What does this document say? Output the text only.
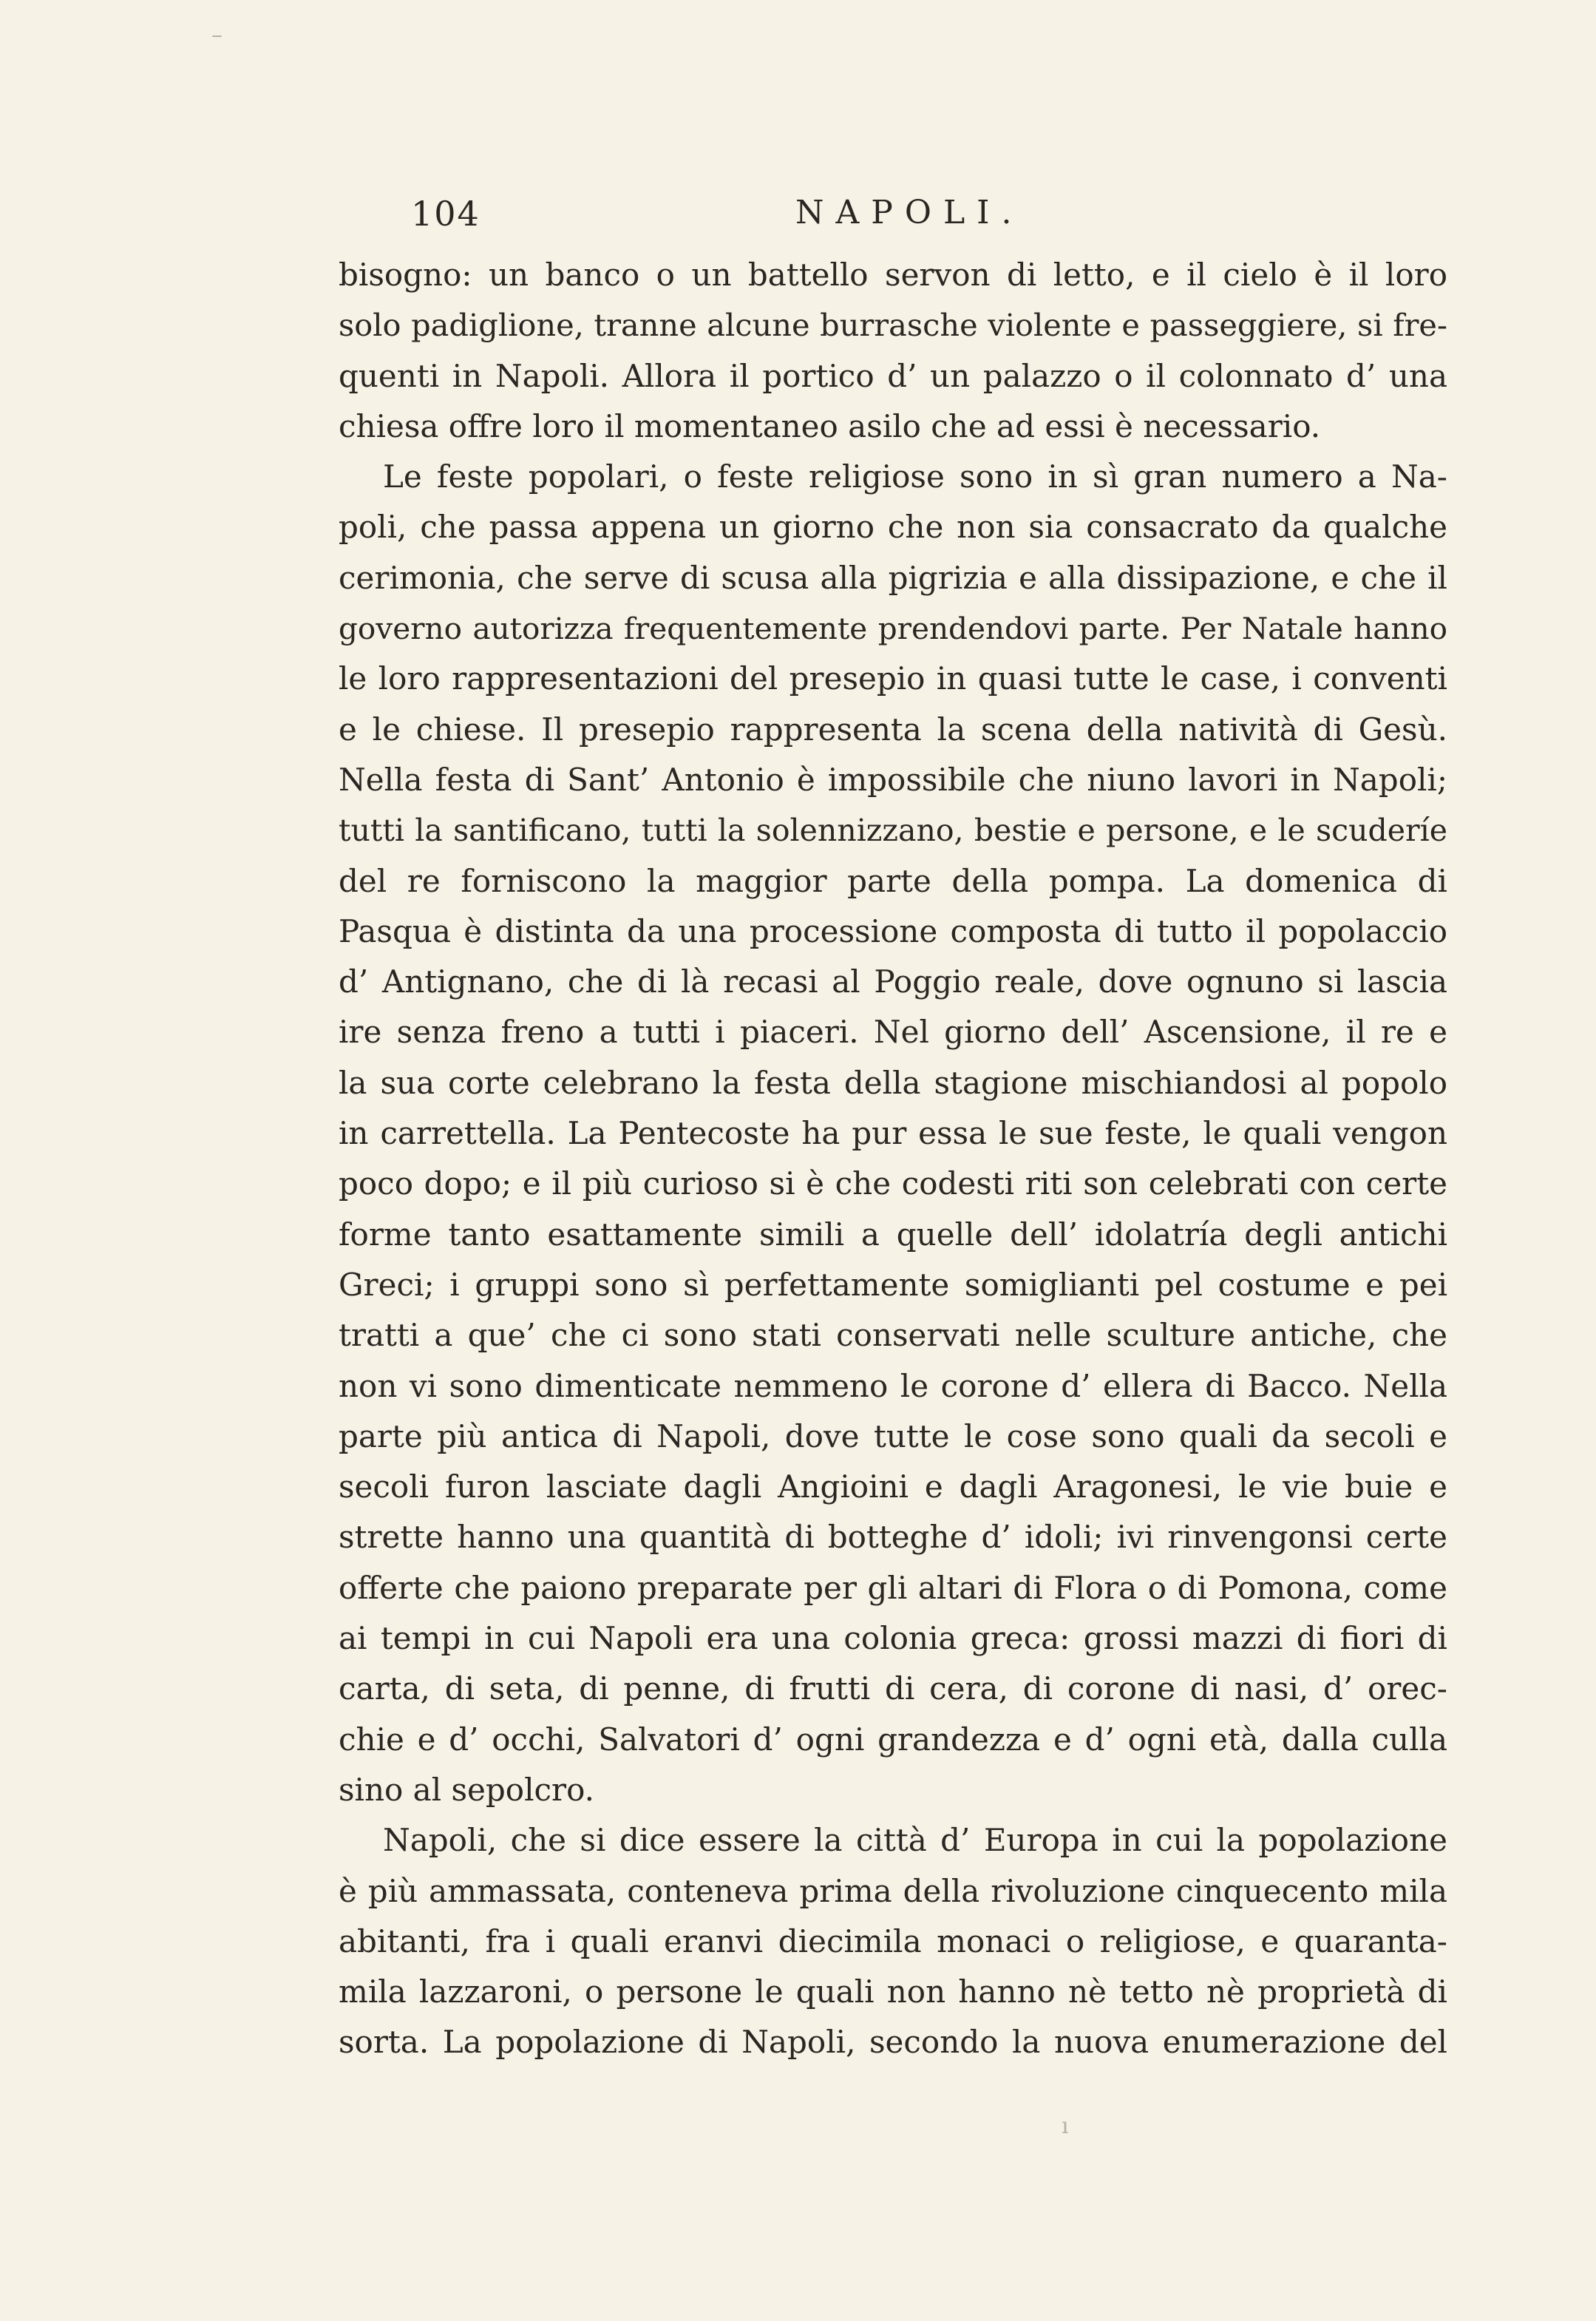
–
104	NAPOLI.
bisogno: un banco o un battello servon di letto, e il cielo è il loro
solo padiglione, tranne alcune burrasche violente e passeggiere, si fre-
quenti in Napoli. Allora il portico d’ un palazzo o il colonnato d’ una
chiesa offre loro il momentaneo asilo che ad essi è necessario.
Le feste popolari, o feste religiose sono in sì gran numero a Na-
poli, che passa appena un giorno che non sia consacrato da qualche
cerimonia, che serve di scusa alla pigrizia e alla dissipazione, e che il
governo autorizza frequentemente prendendovi parte. Per Natale hanno
le loro rappresentazioni del presepio in quasi tutte le case, i conventi
e le chiese. Il presepio rappresenta la scena della natività di Gesù.
Nella festa di Sant’ Antonio è impossibile che niuno lavori in Napoli;
tutti la santificano, tutti la solennizzano, bestie e persone, e le scuderíe
del re forniscono la maggior parte della pompa. La domenica di
Pasqua è distinta da una processione composta di tutto il popolaccio
d’ Antignano, che di là recasi al Poggio reale, dove ognuno si lascia
ire senza freno a tutti i piaceri. Nel giorno dell’ Ascensione, il re e
la sua corte celebrano la festa della stagione mischiandosi al popolo
in carrettella. La Pentecoste ha pur essa le sue feste, le quali vengon
poco dopo; e il più curioso si è che codesti riti son celebrati con certe
forme tanto esattamente simili a quelle dell’ idolatría degli antichi
Greci; i gruppi sono sì perfettamente somiglianti pel costume e pei
tratti a que’ che ci sono stati conservati nelle sculture antiche, che
non vi sono dimenticate nemmeno le corone d’ ellera di Bacco. Nella
parte più antica di Napoli, dove tutte le cose sono quali da secoli e
secoli furon lasciate dagli Angioini e dagli Aragonesi, le vie buie e
strette hanno una quantità di botteghe d’ idoli; ivi rinvengonsi certe
offerte che paiono preparate per gli altari di Flora o di Pomona, come
ai tempi in cui Napoli era una colonia greca: grossi mazzi di fiori di
carta, di seta, di penne, di frutti di cera, di corone di nasi, d’ orec-
chie e d’ occhi, Salvatori d’ ogni grandezza e d’ ogni età, dalla culla
sino al sepolcro.
Napoli, che si dice essere la città d’ Europa in cui la popolazione
è più ammassata, conteneva prima della rivoluzione cinquecento mila
abitanti, fra i quali eranvi diecimila monaci o religiose, e quaranta-
mila lazzaroni, o persone le quali non hanno nè tetto nè proprietà di
sorta. La popolazione di Napoli, secondo la nuova enumerazione del
ı
